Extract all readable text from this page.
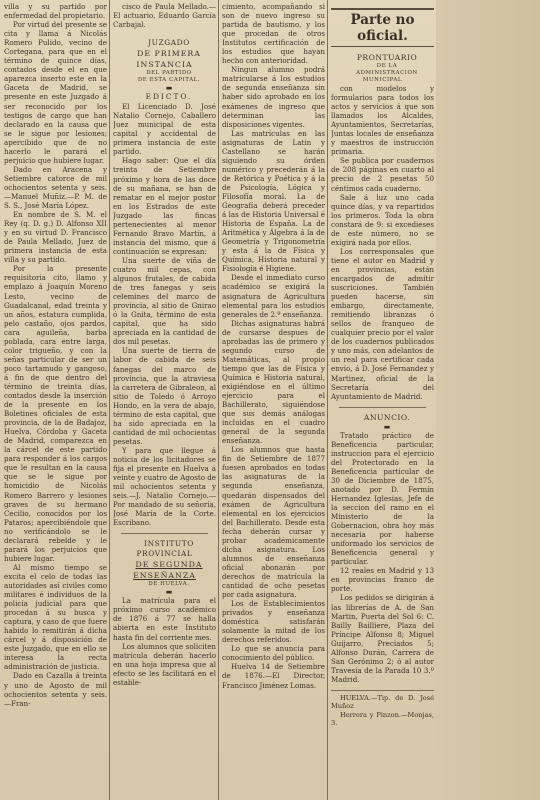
villa y su partido por enfermedad del propietario.

Por virtud del presente se cita y llama á Nicolás Romero Pulido, vecino de Cortegana, para que en el término de quince días, contados desde el en que aparezca inserto este en la Gaceta de Madrid, se presente en este Juzgado á ser reconocido por los testigos de cargo que han declarado en la causa que se le sigue por lesiones; apercibido que de no hacerlo le parará el perjuicio que hubiere lugar.

Dado en Aracena y Setiembre catorce de mil ochocientos setenta y seis.—Manuel Muñiz.—P. M. de S. S., José María López.

En nombre de S. M. el Rey (q. D. g.) D. Alfonso XII y en su virtud D. Francisco de Paula Mellado, Juez de primera instancia de esta villa y su partido.

Por la presente requisitoria cito, llamo y emplazo á Joaquín Moreno Lesto, vecino de Guadalcanal, edad treinta y un años, estatura cumplida, pelo castaño, ojos pardos, cara aguileña, barba poblada, cara entre larga, color trigueño, y con la señas particular de ser un poco tartamudo y gangoso, á fin de que dentro del término de treinta días, contados desde la inserción de la presente en los Boletines oficiales de esta provincia, de la de Badajoz, Huelva, Córdoba y Gaceta de Madrid, comparezca en la cárcel de este partido para responder á los cargos que le resultan en la causa que se le sigue por homicidio de Nicolás Romero Barrero y lesiones graves de su hermano Cecilio, conocidos por los Pataros; apercibiéndole que no verificándolo se le declarará rebelde y le parará los perjuicios que hubiere lugar.

Al mismo tiempo se excita el celo de todas las autoridades así civiles como militares é individuos de la policía judicial para que procedan á su busca y captura, y caso de que fuere habido lo remitirán á dicha cárcel y á disposición de este Juzgado, que en ello se interesa la recta administración de justicia.

Dado en Cazalla á treinta y uno de Agosto de mil ochocientos setenta y seis.—Fran-

cisco de Paula Mellado.—El actuario, Eduardo García Carbajal.

JUZGADO

DE PRIMERA INSTANCIA

DEL PARTIDO

DE ESTA CAPITAL.

▬

EDICTO.

El Licenciado D. José Natalio Cornejo, Caballero Juez municipal de esta capital y accidental de primera instancia de este partido.

Hago saber: Que el día treinta de Setiembre próximo y hora de las doce de su mañana, se han de rematar en el mejor postor en los Estrados de este Juzgado las fincas pertenecientes al menor Fernando Bravo Martín, á instancia del mismo, que á continuación se expresan:

Una suerte de viña de cuatro mil cepas, con algunos frutales, de cabida de tres fanegas y seis celemines del marco de provincia, al sitio de Gnirao ó la Gnita, término de esta capital, que ha sido apreciada en la cantidad de dos mil pesetas.

Una suerte de tierra de labor de cabida de seis fanegas del marco de provincia, que la atraviesa la carretera de Gibraleon, al sitio de Toledo ó Arroyo Hondo, en la vera de abajo, término de esta capital, que ha sido apreciada en la cantidad de mil ochocientas pesetas.

Y para que llegue á noticia de los licitadores se fija el presente en Huelva á veinte y cuatro de Agosto de mil ochocientos setenta y seis.—J. Natalio Cornejo.—Por mandado de su señoría, José María de la Corte. Escribano.

INSTITUTO PROVINCIAL

DE SEGUNDA ENSEÑANZA

DE HUELVA.

▬

La matrícula para el próximo curso académico de 1876 á 77 se halla abierta en este Instituto hasta fin del corriente mes.

Los alumnos que soliciten matrícula deberán hacerlo en una hoja impresa que al efecto se les facilitará en el estable-

cimiento, acompañando si son de nuevo ingreso su partida de bautismo, y los que procedan de otros Institutos certificación de los estudios que hayan hecho con anterioridad.

Ningun alumno podrá matricularse á los estudios de segunda enseñanza sin haber sido aprobado en los exámenes de ingreso que determinan las disposiciones vigentes.

Las matrículas en las asignaturas de Latin y Castellano se harán siguiendo su órden numérico y precederán á la de Retórica y Poética y á la de Psicología, Lógica y Filosofía moral. La de Geografía deberá preceder á las de Historia Universal é Historia de España. La de Aritmética y Álgebra á la de Geometría y Trigonometría y esta á la de Física y Química, Historia natural y Fisiología é Higiene.

Desde el inmediato curso académico se exigirá la asignatura de Agricultura elemental para los estudios generales de 2.º enseñanza.

Dichas asignaturas habrá de cursarse despues de aprobadas las de primero y segundo curso de Matemáticas, al propio tiempo que las de Física y Química é Historia natural, exigiéndose en el último ejercicio para el Bachillerato, siguiéndose que sus demás análogas incluidas en el cuadro general de la segunda enseñanza.

Los alumnos que hasta fin de Setiembre de 1877 fuesen aprobados en todas las asignaturas de la segunda enseñanza, quedarán dispensados del exámen de Agricultura elemental en los ejercicios del Bachillerato. Desde esta fecha deberán cursar y probar académicamente dicha asignatura. Los alumnos de enseñanza oficial abonarán por derechos de matrícula la cantidad de ocho pesetas por cada asignatura.

Los de Establecimientos privados y enseñanza doméstica satisfarán solamente la mitad de los derechos referidos.

Lo que se anuncia para conocimiento del público.

Huelva 14 de Setiembre de 1876.—El Director, Francisco Jiménez Lomas.

Parte no oficial.

PRONTUARIO

DE LA

ADMINISTRACION MUNICIPAL

con modelos y formularios para todos los actos y servicios á que son llamados los Alcaldes, Ayuntamientos, Secretarías, Juntas locales de enseñanza y maestros de instrucción primaria.

Se publica por cuadernos de 208 páginas en cuarto al precio de 2 pesetas 50 céntimos cada cuaderno.

Sale á luz uno cada quince días, y va repartidos los primeros. Toda la obra constará de 9: si excedieses de este número, no se exigirá nada por ellos.

Los corresponsales que tiene el autor en Madrid y en provincias, están encargados de admitir suscriciones. También pueden hacerse, sin embargo, directamente, remitiendo libranzas ó sellos de franqueo de cualquier precio por el valor de los cuadernos publicados y uno más, con adelantos de un real para certificar cada envío, á D. José Fernandez y Martinez, oficial de la Secretaría del Ayuntamiento de Madrid.

ANUNCIO.

▬

Tratado práctico de Beneficencia particular, instruccion para el ejercicio del Protectorado en la Beneficencia particular de 30 de Diciembre de 1875, anotado por D. Fermín Hernandez Iglesias, Jefe de la seccion del ramo en el Ministerio de la Gobernacion, obra hoy más necesaria por haberse uniformado los servicios de Beneficencia general y particular.

12 reales en Madrid y 13 en provincias franco de porte.

Los pedidos se dirigirán á las librerías de A. de San Martin, Puerta del Sol 6: C. Bailly Bailliere, Plaza del Príncipe Alfonso 8; Miguel Guijarro, Preciados 5; Alfonso Durán, Carrera de San Gerónimo 2; ó al autor Travesía de la Parada 10 3.º Madrid.

HUELVA.—Tip. de D. José Muñoz

Herrera y Pinzon.—Monjas, 3.
